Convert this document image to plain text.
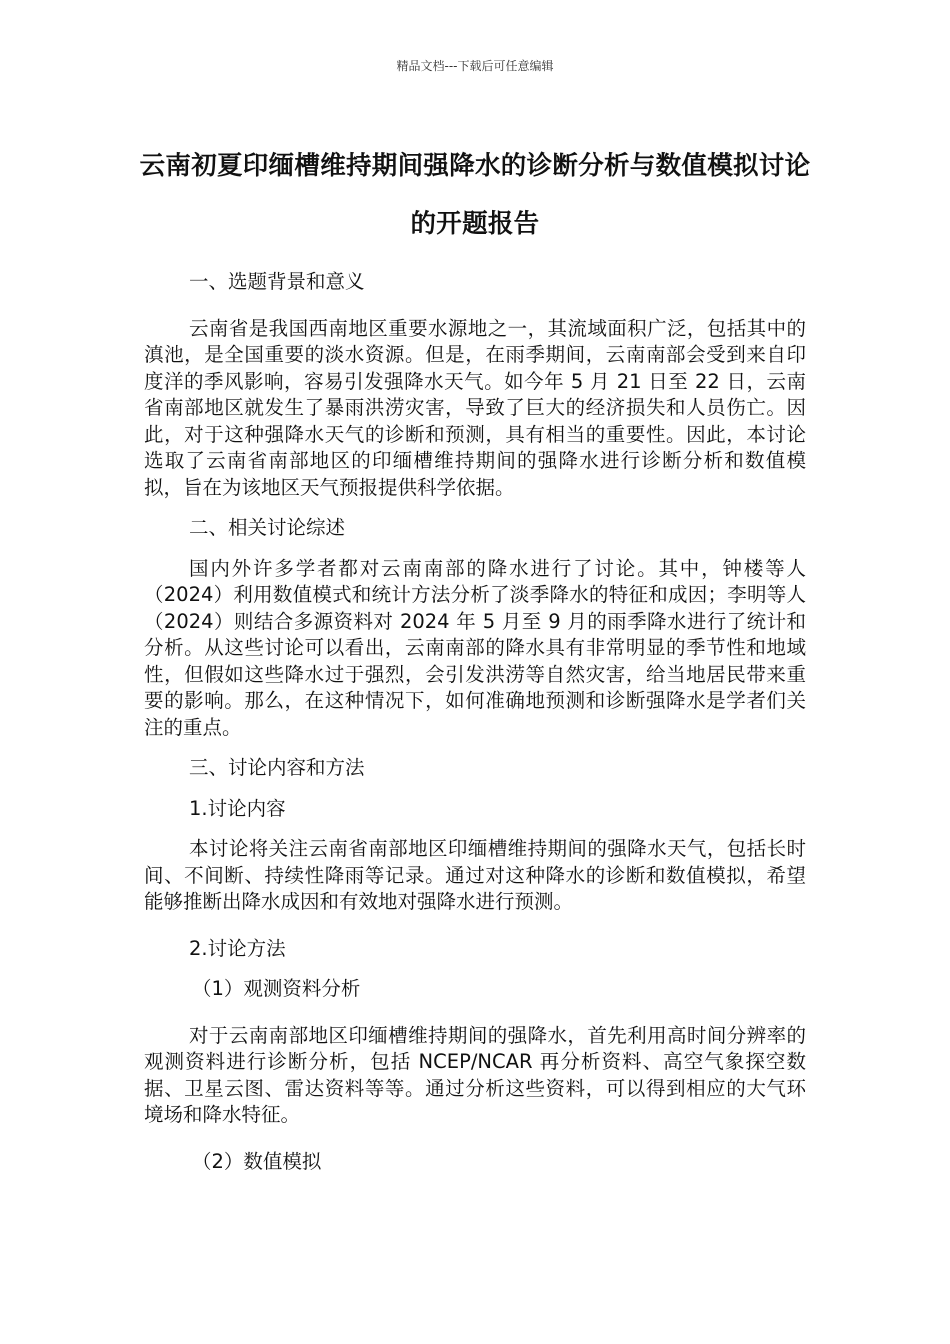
精品文档---下载后可任意编辑
云南初夏印缅槽维持期间强降水的诊断分析与数值模拟讨论的开题报告

一、选题背景和意义

云南省是我国西南地区重要水源地之一，其流域面积广泛，包括其中的滇池，是全国重要的淡水资源。但是，在雨季期间，云南南部会受到来自印度洋的季风影响，容易引发强降水天气。如今年 5 月 21 日至 22 日，云南省南部地区就发生了暴雨洪涝灾害，导致了巨大的经济损失和人员伤亡。因此，对于这种强降水天气的诊断和预测，具有相当的重要性。因此，本讨论选取了云南省南部地区的印缅槽维持期间的强降水进行诊断分析和数值模拟，旨在为该地区天气预报提供科学依据。

二、相关讨论综述

国内外许多学者都对云南南部的降水进行了讨论。其中，钟楼等人（2024）利用数值模式和统计方法分析了淡季降水的特征和成因；李明等人（2024）则结合多源资料对 2024 年 5 月至 9 月的雨季降水进行了统计和分析。从这些讨论可以看出，云南南部的降水具有非常明显的季节性和地域性，但假如这些降水过于强烈，会引发洪涝等自然灾害，给当地居民带来重要的影响。那么，在这种情况下，如何准确地预测和诊断强降水是学者们关注的重点。

三、讨论内容和方法

1.讨论内容

本讨论将关注云南省南部地区印缅槽维持期间的强降水天气，包括长时间、不间断、持续性降雨等记录。通过对这种降水的诊断和数值模拟，希望能够推断出降水成因和有效地对强降水进行预测。

2.讨论方法

（1）观测资料分析

对于云南南部地区印缅槽维持期间的强降水，首先利用高时间分辨率的观测资料进行诊断分析，包括 NCEP/NCAR 再分析资料、高空气象探空数据、卫星云图、雷达资料等等。通过分析这些资料，可以得到相应的大气环境场和降水特征。

（2）数值模拟
